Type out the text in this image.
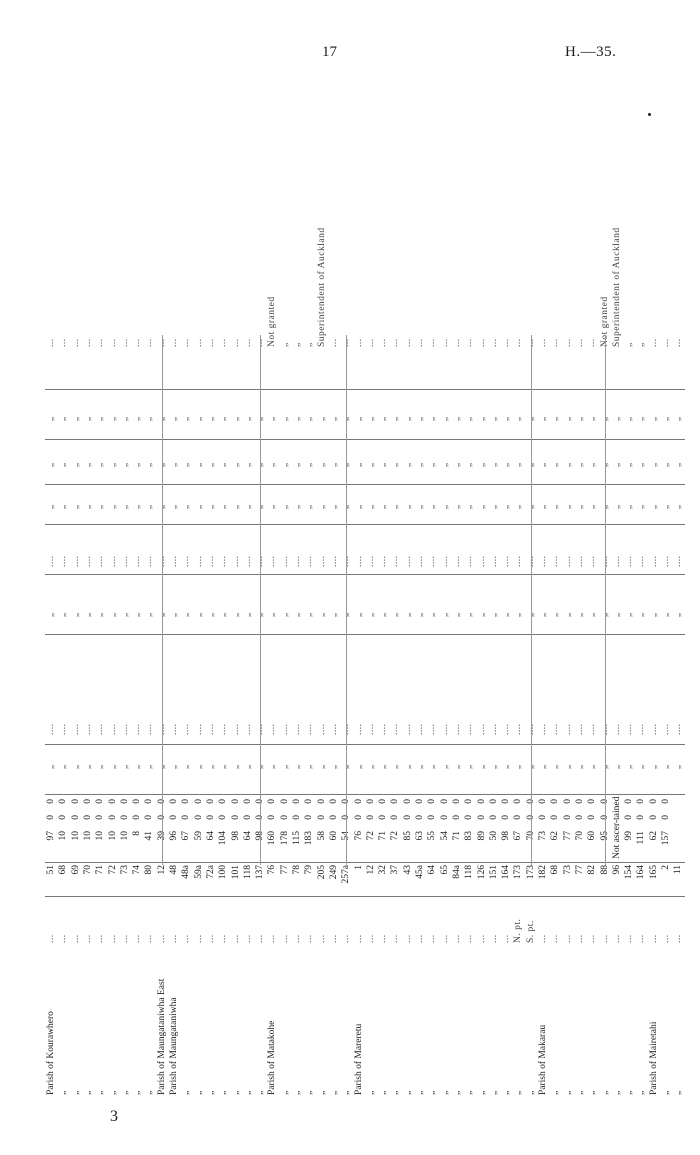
17	H.—35.
Parish of Kourawhero
...
51
97
0
0
„
....
„
....
„
„
„
...
„
...
68
10
0
0
„
....
„
....
„
„
„
...
„
...
69
10
0
0
„
....
„
....
„
„
„
...
„
...
70
10
0
0
„
....
„
....
„
„
„
...
„
...
71
10
0
0
„
....
„
....
„
„
„
...
„
...
72
10
0
0
„
....
„
....
„
„
„
...
„
...
73
10
0
0
„
....
„
....
„
„
„
...
„
...
74
8
0
0
„
....
„
....
„
„
„
...
„
...
80
41
0
0
„
....
„
....
„
„
„
...
Parish of Maungataniwha East
...
12
39
0
0
„
....
„
....
„
„
„
...
Parish of Maungataniwha
...
48
96
0
0
„
....
„
....
„
„
„
...
„
...
48a
67
0
0
„
....
„
....
„
„
„
...
„
...
59a
59
0
0
„
....
„
....
„
„
„
...
„
...
72a
64
0
0
„
....
„
....
„
„
„
...
„
...
100
104
0
0
„
....
„
....
„
„
„
...
„
...
101
98
0
0
„
....
„
....
„
„
„
...
„
...
118
64
0
0
„
....
„
....
„
„
„
...
„
...
137
98
0
0
„
....
„
....
„
„
„
...
Parish of Matakohe
...
76
160
0
0
„
....
„
....
„
„
„
Not granted
„
...
77
178
0
0
„
....
„
....
„
„
„
„
„
...
78
115
0
0
„
....
„
....
„
„
„
„
„
...
79
183
0
0
„
....
„
....
„
„
„
„
„
...
205
58
0
0
„
....
„
....
„
„
„
Superintendent of Auckland
„
...
249
60
0
0
„
....
„
....
„
„
„
...
„
...
257a
54
0
0
„
....
„
....
„
„
„
...
Parish of Mareretu
...
1
76
0
0
„
....
„
....
„
„
„
...
„
...
12
72
0
0
„
....
„
....
„
„
„
...
„
...
32
71
0
0
„
....
„
....
„
„
„
...
„
...
37
72
0
0
„
....
„
....
„
„
„
...
„
...
43
85
0
0
„
....
„
....
„
„
„
...
„
...
45a
63
0
0
„
....
„
....
„
„
„
...
„
...
64
55
0
0
„
....
„
....
„
„
„
...
„
...
65
54
0
0
„
....
„
....
„
„
„
...
„
...
84a
71
0
0
„
....
„
....
„
„
„
...
„
...
118
83
0
0
„
....
„
....
„
„
„
...
„
...
126
89
0
0
„
....
„
....
„
„
„
...
„
...
151
50
0
0
„
....
„
....
„
„
„
...
„
...
164
98
0
0
„
....
„
....
„
„
„
...
„
N. pt.
173
67
0
0
„
....
„
....
„
„
„
...
„
S. pt.
173
70
0
0
„
....
„
....
„
„
„
...
Parish of Makarau
...
182
73
0
0
„
....
„
....
„
„
„
...
„
...
68
62
0
0
„
....
„
....
„
„
„
...
„
...
73
77
0
0
„
....
„
....
„
„
„
...
„
...
77
70
0
0
„
....
„
....
„
„
„
...
„
...
82
60
0
0
„
....
„
....
„
„
„
...
„
...
88
95
0
0
„
....
„
....
„
„
„
Not granted
„
...
96
Not ascer-tained
„
....
„
....
„
„
„
Superintendent of Auckland
„
...
154
99
0
0
„
....
„
....
„
„
„
„
„
...
164
111
0
0
„
....
„
....
„
„
„
„
Parish of Mairetahi
...
165
62
0
0
„
....
„
....
„
„
„
...
„
...
2
157
0
0
„
....
„
....
„
„
„
...
„
...
11
„
....
„
....
„
„
„
...
3
